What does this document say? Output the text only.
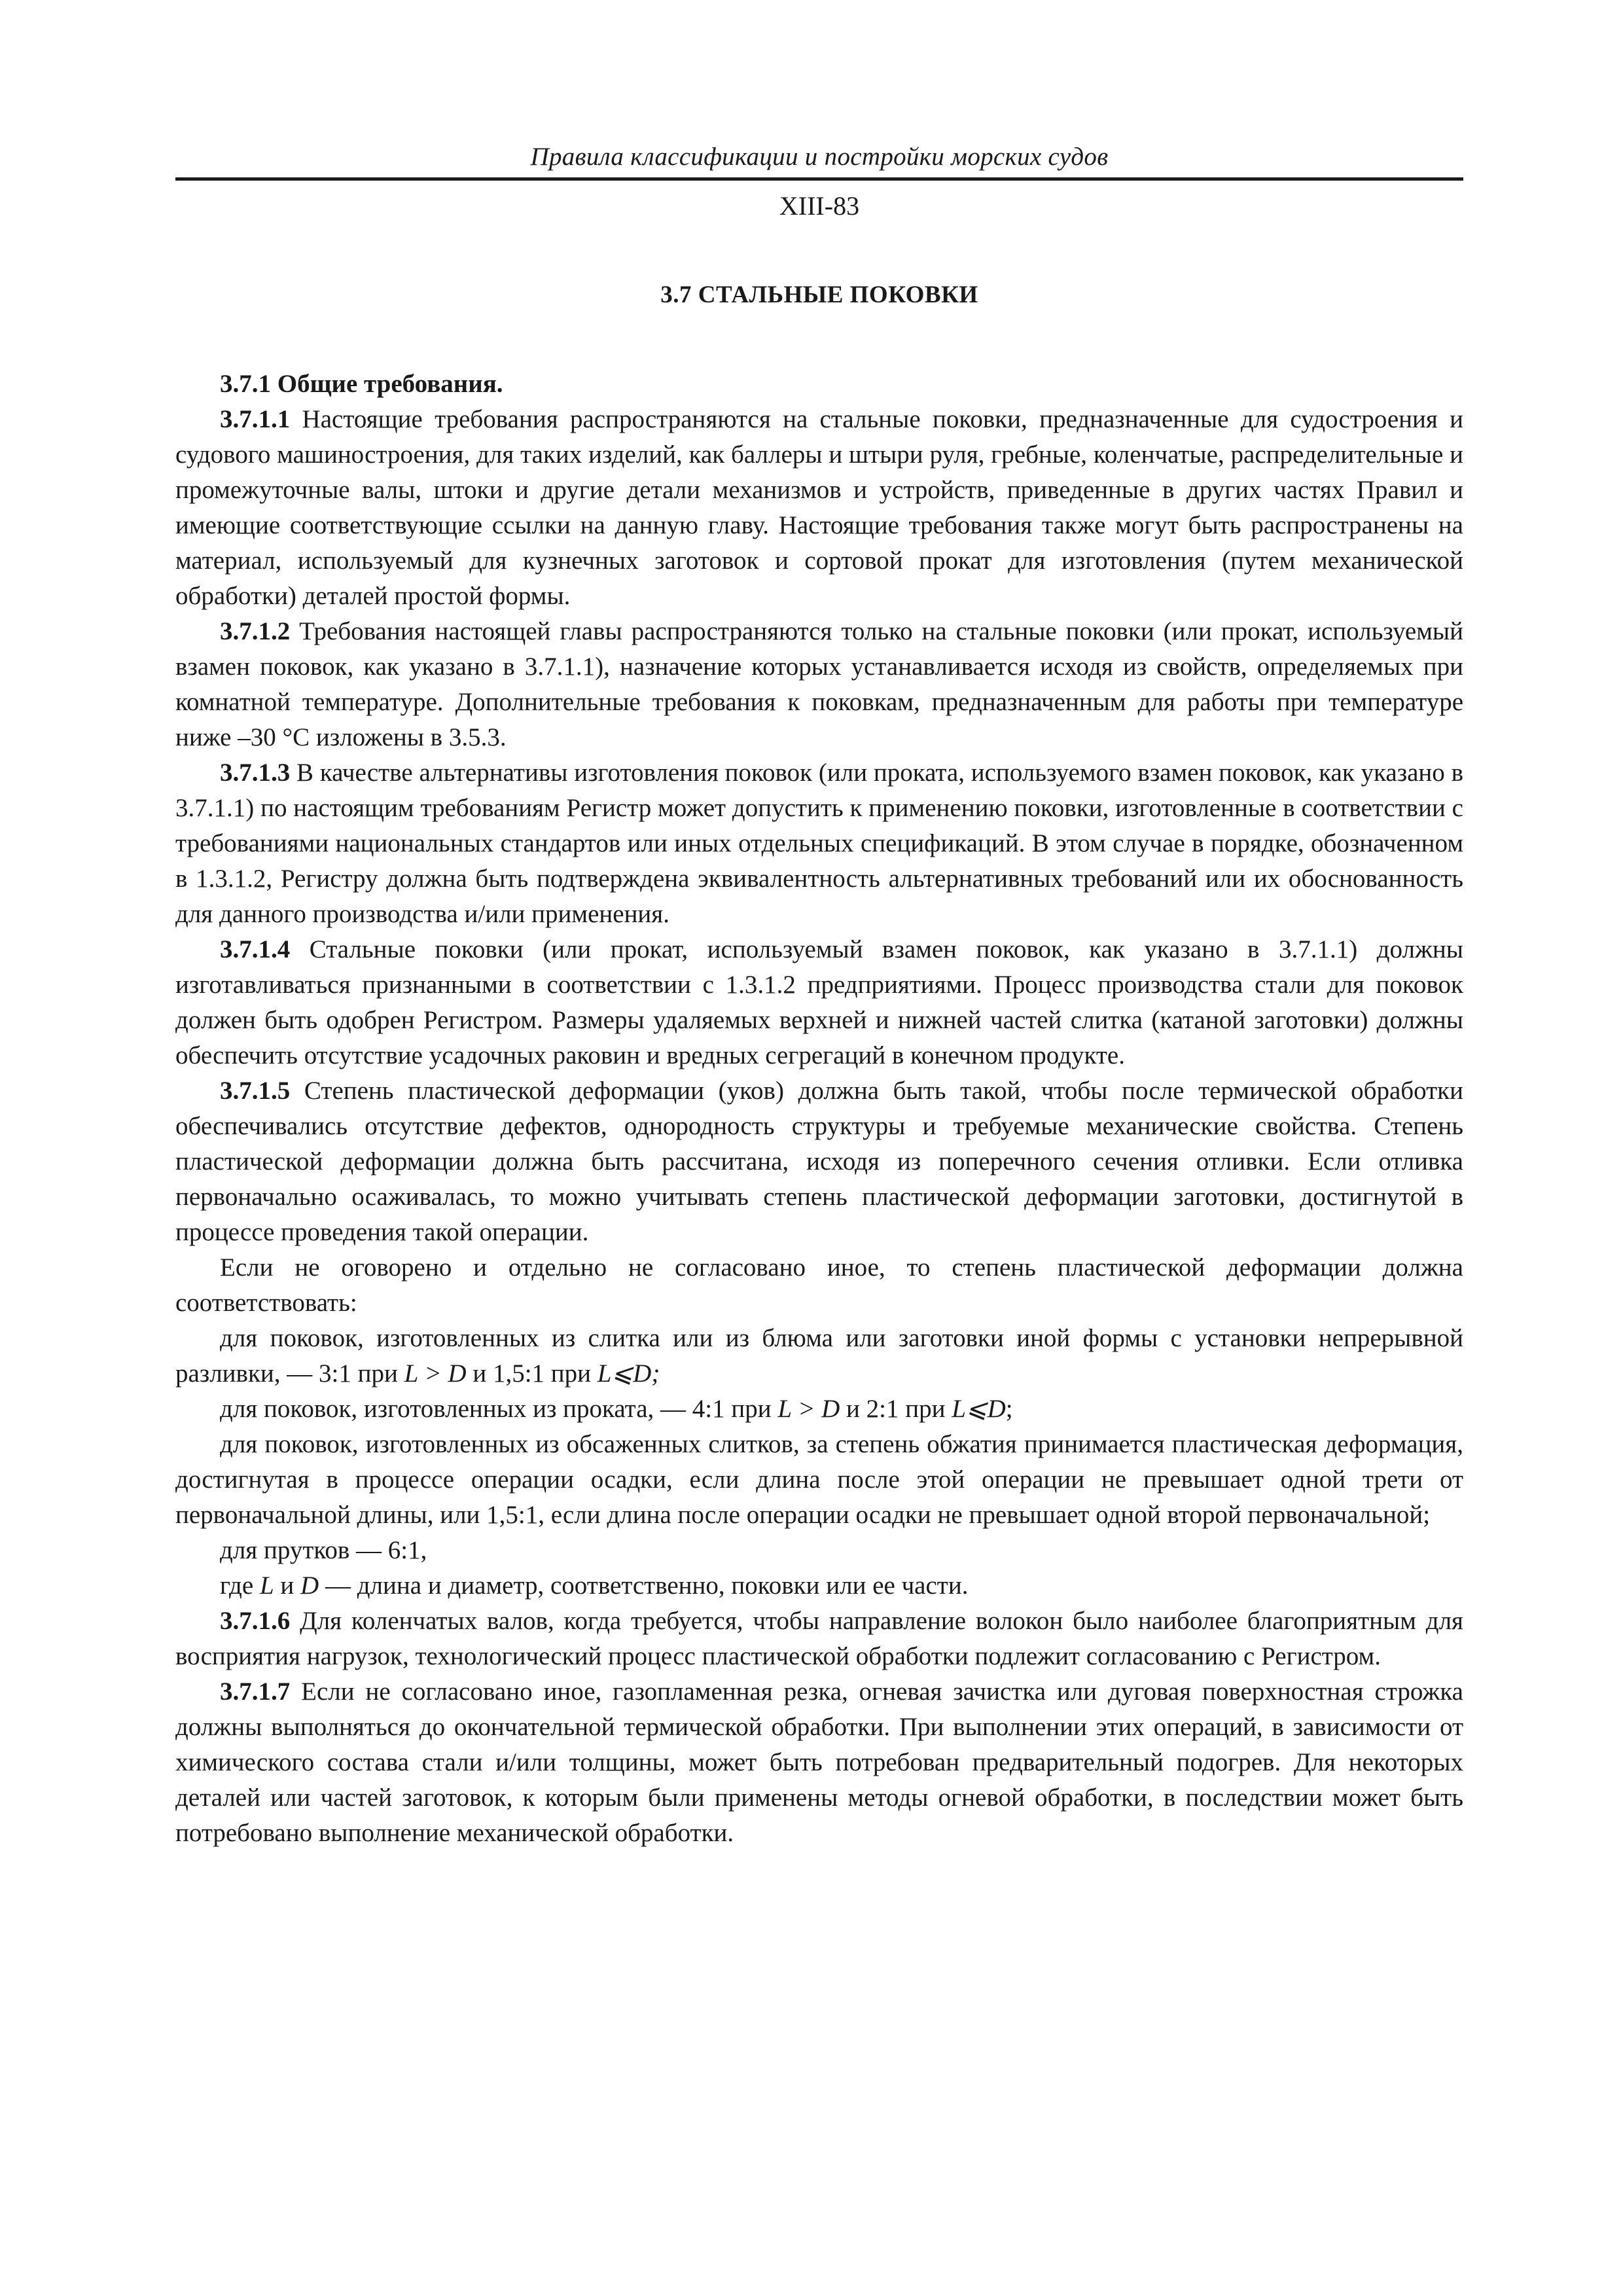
Правила классификации и постройки морских судов
XIII-83
3.7 СТАЛЬНЫЕ ПОКОВКИ

3.7.1 Общие требования.

3.7.1.1 Настоящие требования распространяются на стальные поковки, предназначенные для судостроения и судового машиностроения, для таких изделий, как баллеры и штыри руля, гребные, коленчатые, распределительные и промежуточные валы, штоки и другие детали механизмов и устройств, приведенные в других частях Правил и имеющие соответствующие ссылки на данную главу. Настоящие требования также могут быть распространены на материал, используемый для кузнечных заготовок и сортовой прокат для изготовления (путем механической обработки) деталей простой формы.

3.7.1.2 Требования настоящей главы распространяются только на стальные поковки (или прокат, используемый взамен поковок, как указано в 3.7.1.1), назначение которых устанавливается исходя из свойств, определяемых при комнатной температуре. Дополнительные требования к поковкам, предназначенным для работы при температуре ниже –30 °С изложены в 3.5.3.

3.7.1.3 В качестве альтернативы изготовления поковок (или проката, используемого взамен поковок, как указано в 3.7.1.1) по настоящим требованиям Регистр может допустить к применению поковки, изготовленные в соответствии с требованиями национальных стандартов или иных отдельных спецификаций. В этом случае в порядке, обозначенном в 1.3.1.2, Регистру должна быть подтверждена эквивалентность альтернативных требований или их обоснованность для данного производства и/или применения.

3.7.1.4 Стальные поковки (или прокат, используемый взамен поковок, как указано в 3.7.1.1) должны изготавливаться признанными в соответствии с 1.3.1.2 предприятиями. Процесс производства стали для поковок должен быть одобрен Регистром. Размеры удаляемых верхней и нижней частей слитка (катаной заготовки) должны обеспечить отсутствие усадочных раковин и вредных сегрегаций в конечном продукте.

3.7.1.5 Степень пластической деформации (уков) должна быть такой, чтобы после термической обработки обеспечивались отсутствие дефектов, однородность структуры и требуемые механические свойства. Степень пластической деформации должна быть рассчитана, исходя из поперечного сечения отливки. Если отливка первоначально осаживалась, то можно учитывать степень пластической деформации заготовки, достигнутой в процессе проведения такой операции.

Если не оговорено и отдельно не согласовано иное, то степень пластической деформации должна соответствовать:

для поковок, изготовленных из слитка или из блюма или заготовки иной формы с установки непрерывной разливки, — 3:1 при L > D и 1,5:1 при L⩽D;

для поковок, изготовленных из проката, — 4:1 при L > D и 2:1 при L⩽D;

для поковок, изготовленных из обсаженных слитков, за степень обжатия принимается пластическая деформация, достигнутая в процессе операции осадки, если длина после этой операции не превышает одной трети от первоначальной длины, или 1,5:1, если длина после операции осадки не превышает одной второй первоначальной;

для прутков — 6:1,

где L и D — длина и диаметр, соответственно, поковки или ее части.

3.7.1.6 Для коленчатых валов, когда требуется, чтобы направление волокон было наиболее благоприятным для восприятия нагрузок, технологический процесс пластической обработки подлежит согласованию с Регистром.

3.7.1.7 Если не согласовано иное, газопламенная резка, огневая зачистка или дуговая поверхностная строжка должны выполняться до окончательной термической обработки. При выполнении этих операций, в зависимости от химического состава стали и/или толщины, может быть потребован предварительный подогрев. Для некоторых деталей или частей заготовок, к которым были применены методы огневой обработки, в последствии может быть потребовано выполнение механической обработки.
